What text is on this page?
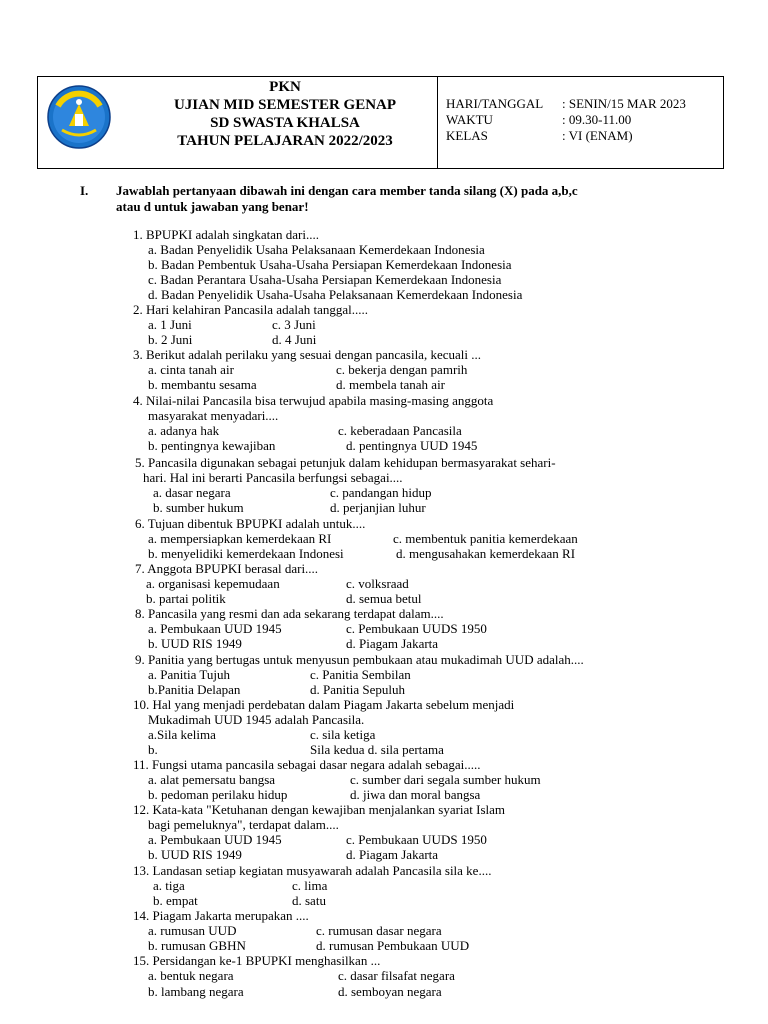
PKN
UJIAN MID SEMESTER GENAP
SD SWASTA KHALSA
TAHUN PELAJARAN 2022/2023
HARI/TANGGAL : SENIN/15 MAR 2023
WAKTU	: 09.30-11.00
KELAS	: VI (ENAM)
I. Jawablah pertanyaan dibawah ini dengan cara member tanda silang (X) pada a,b,c
atau d untuk jawaban yang benar!
1. BPUPKI adalah singkatan dari....
a. Badan Penyelidik Usaha Pelaksanaan Kemerdekaan Indonesia
b. Badan Pembentuk Usaha-Usaha Persiapan Kemerdekaan Indonesia
c. Badan Perantara Usaha-Usaha Persiapan Kemerdekaan Indonesia
d. Badan Penyelidik Usaha-Usaha Pelaksanaan Kemerdekaan Indonesia
2. Hari kelahiran Pancasila adalah tanggal.....
a. 1 Juni	c. 3 Juni
b. 2 Juni	d. 4 Juni
3. Berikut adalah perilaku yang sesuai dengan pancasila, kecuali ...
a. cinta tanah air	c. bekerja dengan pamrih
b. membantu sesama	d. membela tanah air
4. Nilai-nilai Pancasila bisa terwujud apabila masing-masing anggota
masyarakat menyadari....
a. adanya hak	c. keberadaan Pancasila
b. pentingnya kewajiban	d. pentingnya UUD 1945
5. Pancasila digunakan sebagai petunjuk dalam kehidupan bermasyarakat sehari-
hari. Hal ini berarti Pancasila berfungsi sebagai....
a. dasar negara	c. pandangan hidup
b. sumber hukum	d. perjanjian luhur
6. Tujuan dibentuk BPUPKI adalah untuk....
a. mempersiapkan kemerdekaan RI	c. membentuk panitia kemerdekaan
b. menyelidiki kemerdekaan Indonesi	d. mengusahakan kemerdekaan RI
7. Anggota BPUPKI berasal dari....
a. organisasi kepemudaan	c. volksraad
b. partai politik	d. semua betul
8. Pancasila yang resmi dan ada sekarang terdapat dalam....
a. Pembukaan UUD 1945	c. Pembukaan UUDS 1950
b. UUD RIS 1949	d. Piagam Jakarta
9. Panitia yang bertugas untuk menyusun pembukaan atau mukadimah UUD adalah....
a. Panitia Tujuh	c. Panitia Sembilan
b.Panitia Delapan	d. Panitia Sepuluh
10. Hal yang menjadi perdebatan dalam Piagam Jakarta sebelum menjadi
Mukadimah UUD 1945 adalah Pancasila.
a.Sila kelima	c. sila ketiga
b.	Sila kedua d. sila pertama
11. Fungsi utama pancasila sebagai dasar negara adalah sebagai.....
a. alat pemersatu bangsa	c. sumber dari segala sumber hukum
b. pedoman perilaku hidup	d. jiwa dan moral bangsa
12. Kata-kata "Ketuhanan dengan kewajiban menjalankan syariat Islam
bagi pemeluknya", terdapat dalam....
a. Pembukaan UUD 1945	c. Pembukaan UUDS 1950
b. UUD RIS 1949	d. Piagam Jakarta
13. Landasan setiap kegiatan musyawarah adalah Pancasila sila ke....
a. tiga	c. lima
b. empat	d. satu
14. Piagam Jakarta merupakan ....
a. rumusan UUD	c. rumusan dasar negara
b. rumusan GBHN	d. rumusan Pembukaan UUD
15. Persidangan ke-1 BPUPKI menghasilkan ...
a. bentuk negara	c. dasar filsafat negara
b. lambang negara	d. semboyan negara
